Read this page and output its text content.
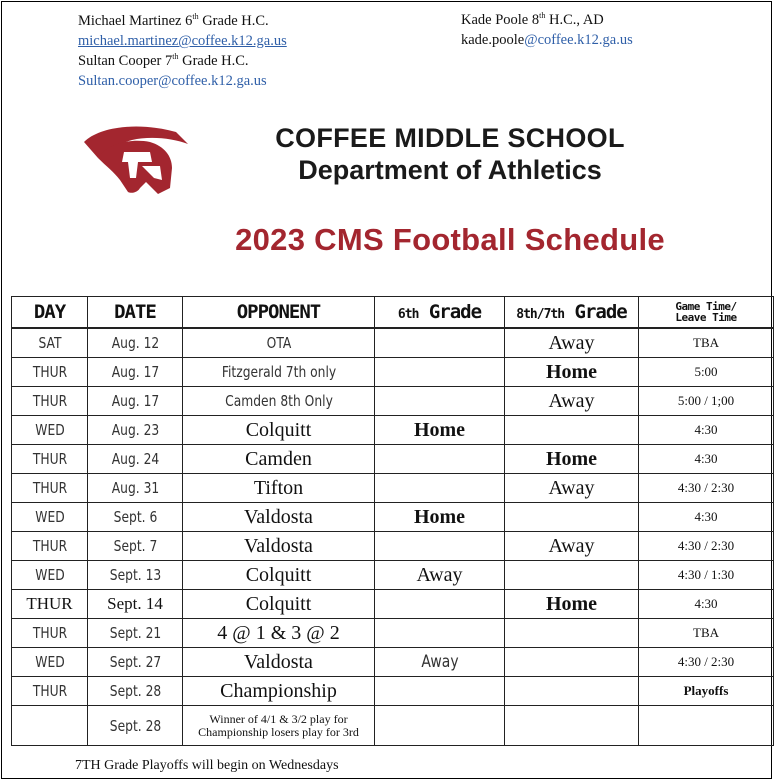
Michael Martinez 6th Grade H.C.
michael.martinez@coffee.k12.ga.us
Sultan Cooper 7th Grade H.C.
Sultan.cooper@coffee.k12.ga.us
Kade Poole 8th H.C., AD
kade.poole@coffee.k12.ga.us
COFFEE MIDDLE SCHOOL
Department of Athletics
2023 CMS Football Schedule
DAY	DATE	OPPONENT	6th Grade	8th/7th Grade	Game Time/
Leave Time

SAT	Aug. 12	OTA		Away	TBA
THUR	Aug. 17	Fitzgerald 7th only		Home	5:00
THUR	Aug. 17	Camden 8th Only		Away	5:00 / 1;00
WED	Aug. 23	Colquitt	Home		4:30
THUR	Aug. 24	Camden		Home	4:30
THUR	Aug. 31	Tifton		Away	4:30 / 2:30
WED	Sept. 6	Valdosta	Home		4:30
THUR	Sept. 7	Valdosta		Away	4:30 / 2:30
WED	Sept. 13	Colquitt	Away		4:30 / 1:30
THUR	Sept. 14	Colquitt		Home	4:30
THUR	Sept. 21	4 @ 1 & 3 @ 2			TBA
WED	Sept. 27	Valdosta	Away		4:30 / 2:30
THUR	Sept. 28	Championship			Playoffs
	Sept. 28	Winner of 4/1 & 3/2 play for Championship losers play for 3rd			
7TH Grade Playoffs will begin on Wednesdays
